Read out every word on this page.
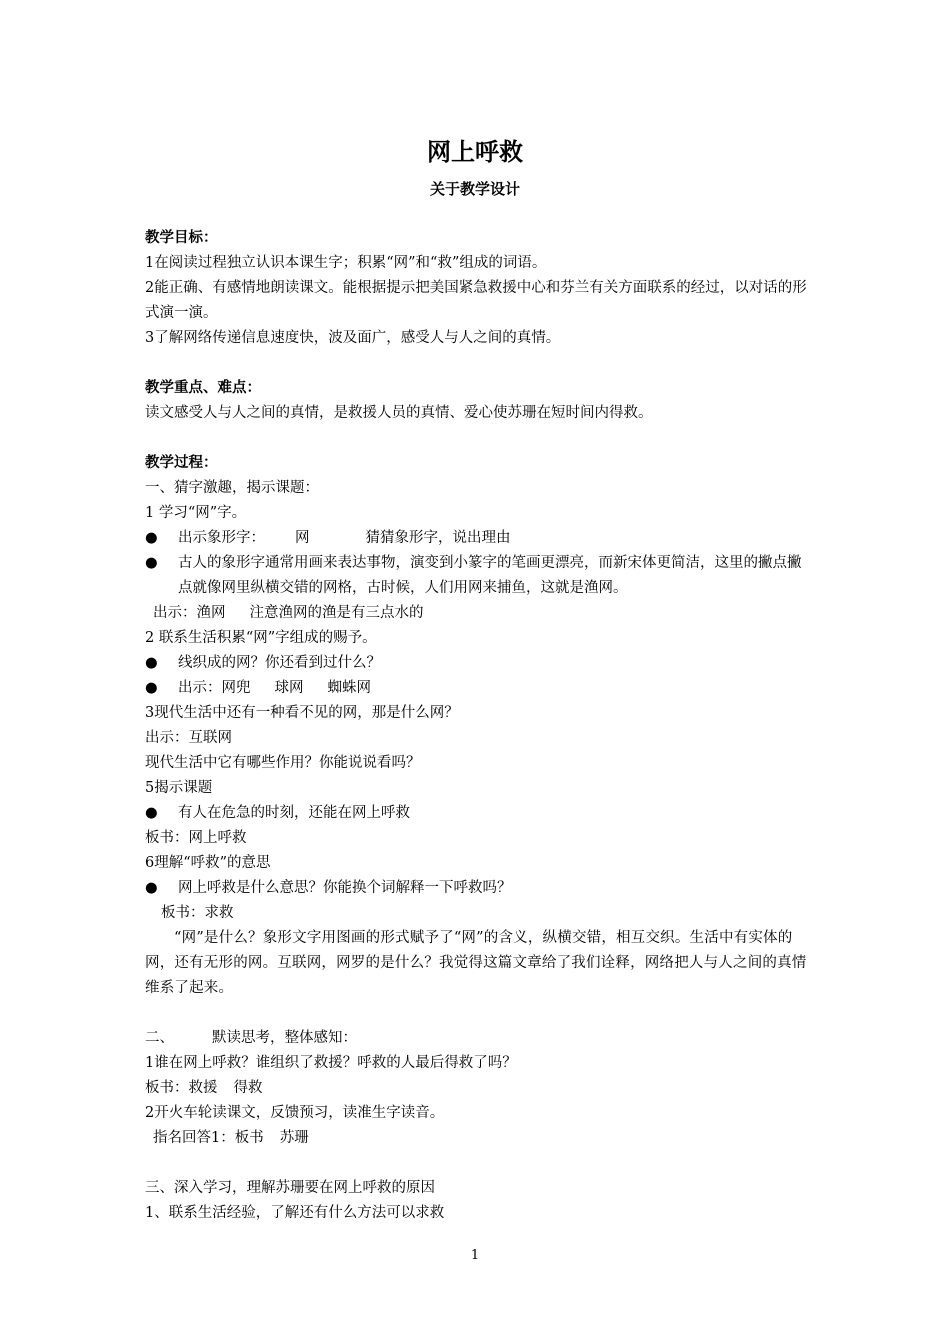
网上呼救
关于教学设计
教学目标：
1在阅读过程独立认识本课生字；积累“网”和“救”组成的词语。
2能正确、有感情地朗读课文。能根据提示把美国紧急救援中心和芬兰有关方面联系的经过，以对话的形式演一演。
3了解网络传递信息速度快，波及面广，感受人与人之间的真情。
教学重点、难点：
读文感受人与人之间的真情，是救援人员的真情、爱心使苏珊在短时间内得救。
教学过程：
一、猜字激趣，揭示课题：
1 学习“网”字。
● 出示象形字： 网	猜猜象形字，说出理由
● 古人的象形字通常用画来表达事物，演变到小篆字的笔画更漂亮，而新宋体更简洁，这里的撇点撇点就像网里纵横交错的网格，古时候，人们用网来捕鱼，这就是渔网。
出示：渔网 注意渔网的渔是有三点水的
2 联系生活积累“网”字组成的赐予。
● 线织成的网？你还看到过什么？
● 出示：网兜 球网 蜘蛛网
3现代生活中还有一种看不见的网，那是什么网？
出示：互联网
现代生活中它有哪些作用？你能说说看吗？
5揭示课题
● 有人在危急的时刻，还能在网上呼救
板书：网上呼救
6理解“呼救”的意思
● 网上呼救是什么意思？你能换个词解释一下呼救吗？
板书：求救
“网”是什么？象形文字用图画的形式赋予了“网”的含义，纵横交错，相互交织。生活中有实体的网，还有无形的网。互联网，网罗的是什么？我觉得这篇文章给了我们诠释，网络把人与人之间的真情维系了起来。
二、	默读思考，整体感知：
1谁在网上呼救？谁组织了救援？呼救的人最后得救了吗？
板书：救援 得救
2开火车轮读课文，反馈预习，读准生字读音。
指名回答1：板书 苏珊
三、深入学习，理解苏珊要在网上呼救的原因
1、联系生活经验，了解还有什么方法可以求救
1
